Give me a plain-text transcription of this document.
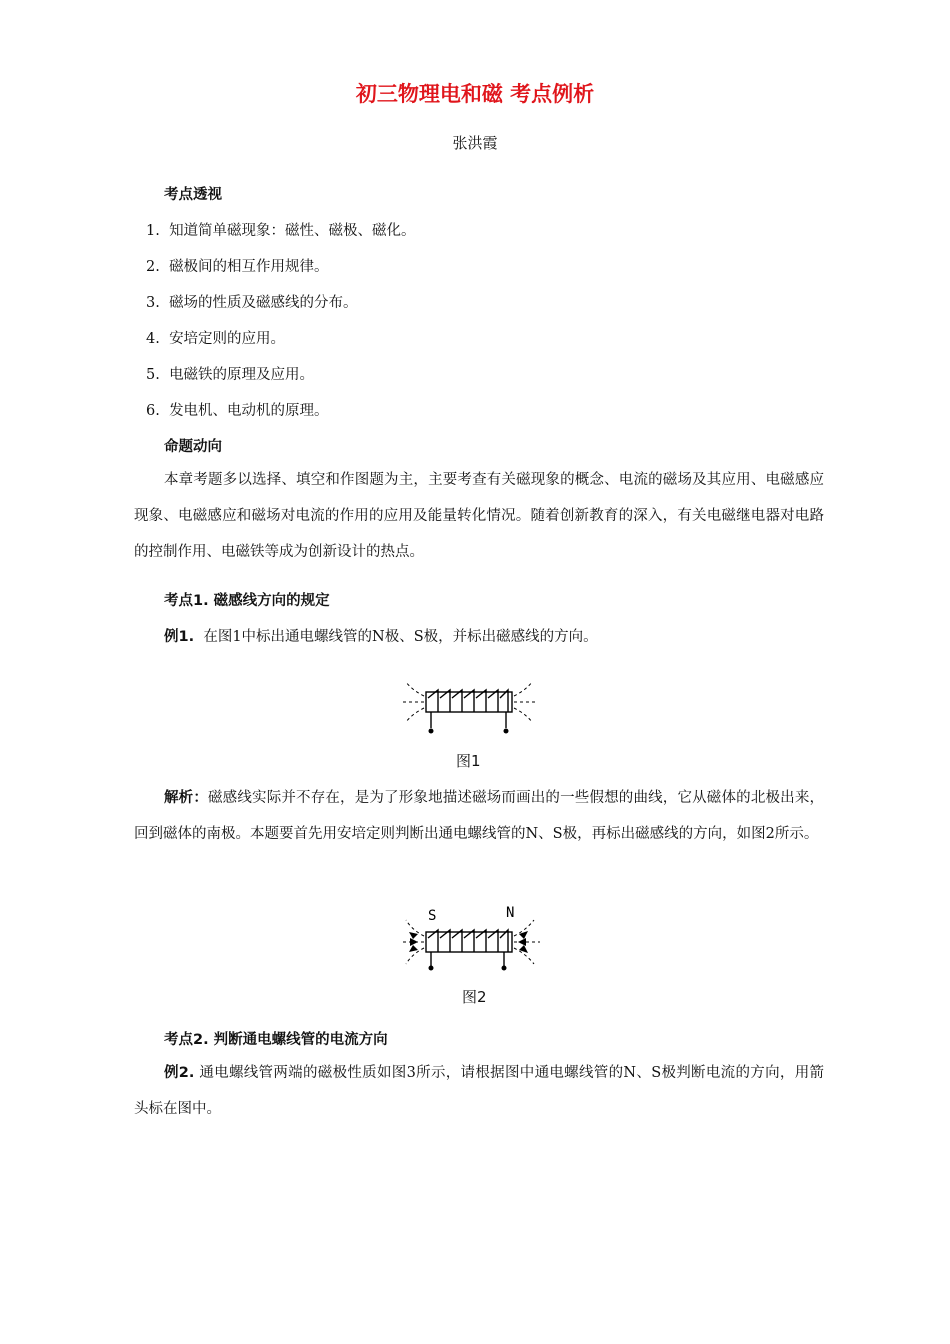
初三物理电和磁 考点例析
张洪霞
考点透视
1. 知道简单磁现象：磁性、磁极、磁化。
2. 磁极间的相互作用规律。
3. 磁场的性质及磁感线的分布。
4. 安培定则的应用。
5. 电磁铁的原理及应用。
6. 发电机、电动机的原理。
命题动向
本章考题多以选择、填空和作图题为主，主要考查有关磁现象的概念、电流的磁场及其应用、电磁感应现象、电磁感应和磁场对电流的作用的应用及能量转化情况。随着创新教育的深入，有关电磁继电器对电路的控制作用、电磁铁等成为创新设计的热点。
考点1. 磁感线方向的规定
例1. 在图1中标出通电螺线管的N极、S极，并标出磁感线的方向。
图1
解析：磁感线实际并不存在，是为了形象地描述磁场而画出的一些假想的曲线，它从磁体的北极出来，回到磁体的南极。本题要首先用安培定则判断出通电螺线管的N、S极，再标出磁感线的方向，如图2所示。
S	N
图2
考点2. 判断通电螺线管的电流方向
例2. 通电螺线管两端的磁极性质如图3所示，请根据图中通电螺线管的N、S极判断电流的方向，用箭头标在图中。
